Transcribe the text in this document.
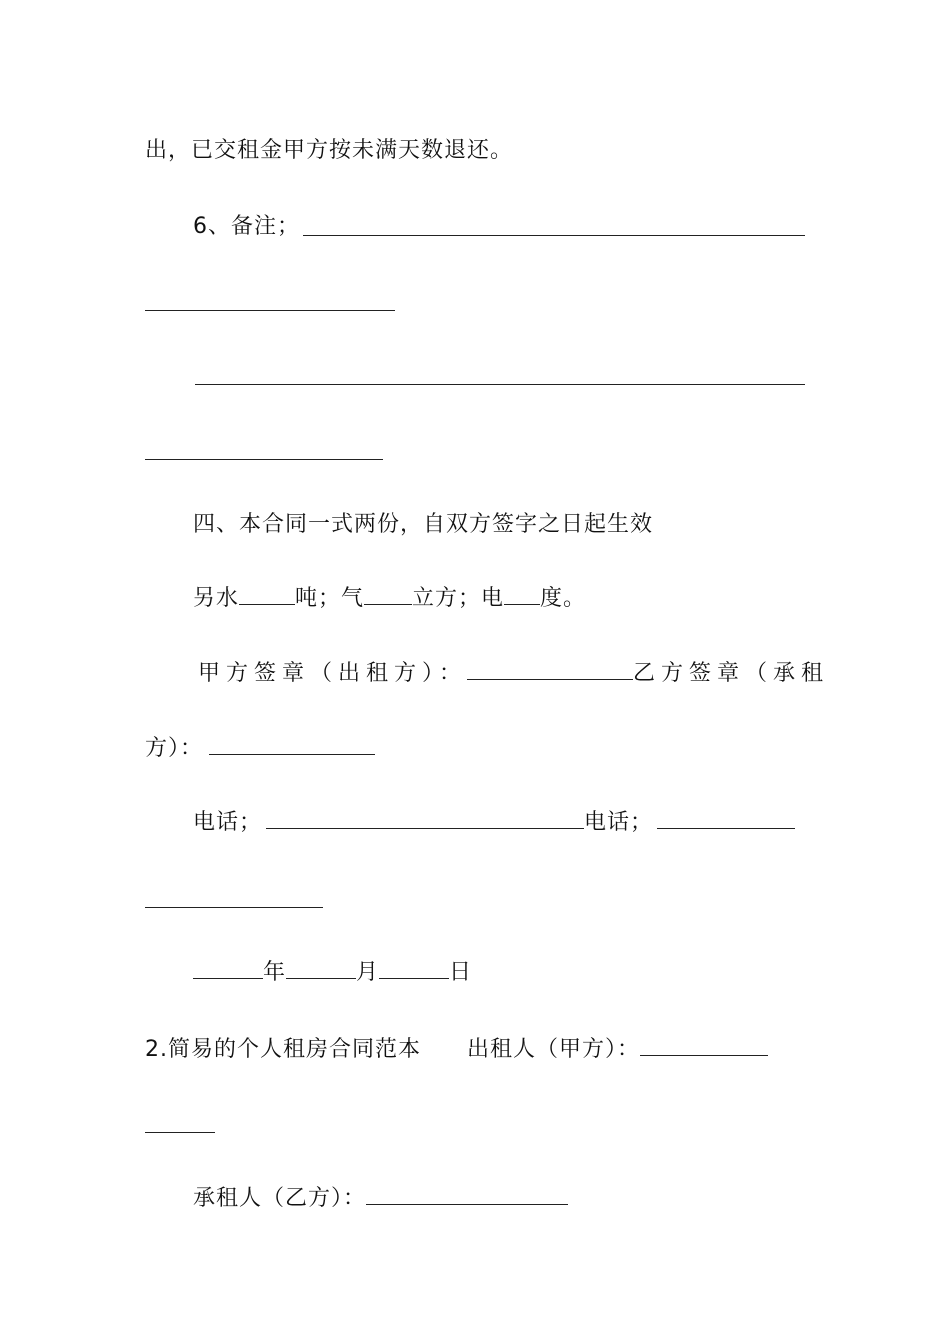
出，已交租金甲方按未满天数退还。
6、备注；
四、本合同一式两份，自双方签字之日起生效
另水	吨；气 立方；电 度。
甲方签章（出租方）：	乙方签章（承租
方）：
电话；	电话；
年	月	日
2.简易的个人租房合同范本 出租人（甲方）：
承租人（乙方）：
